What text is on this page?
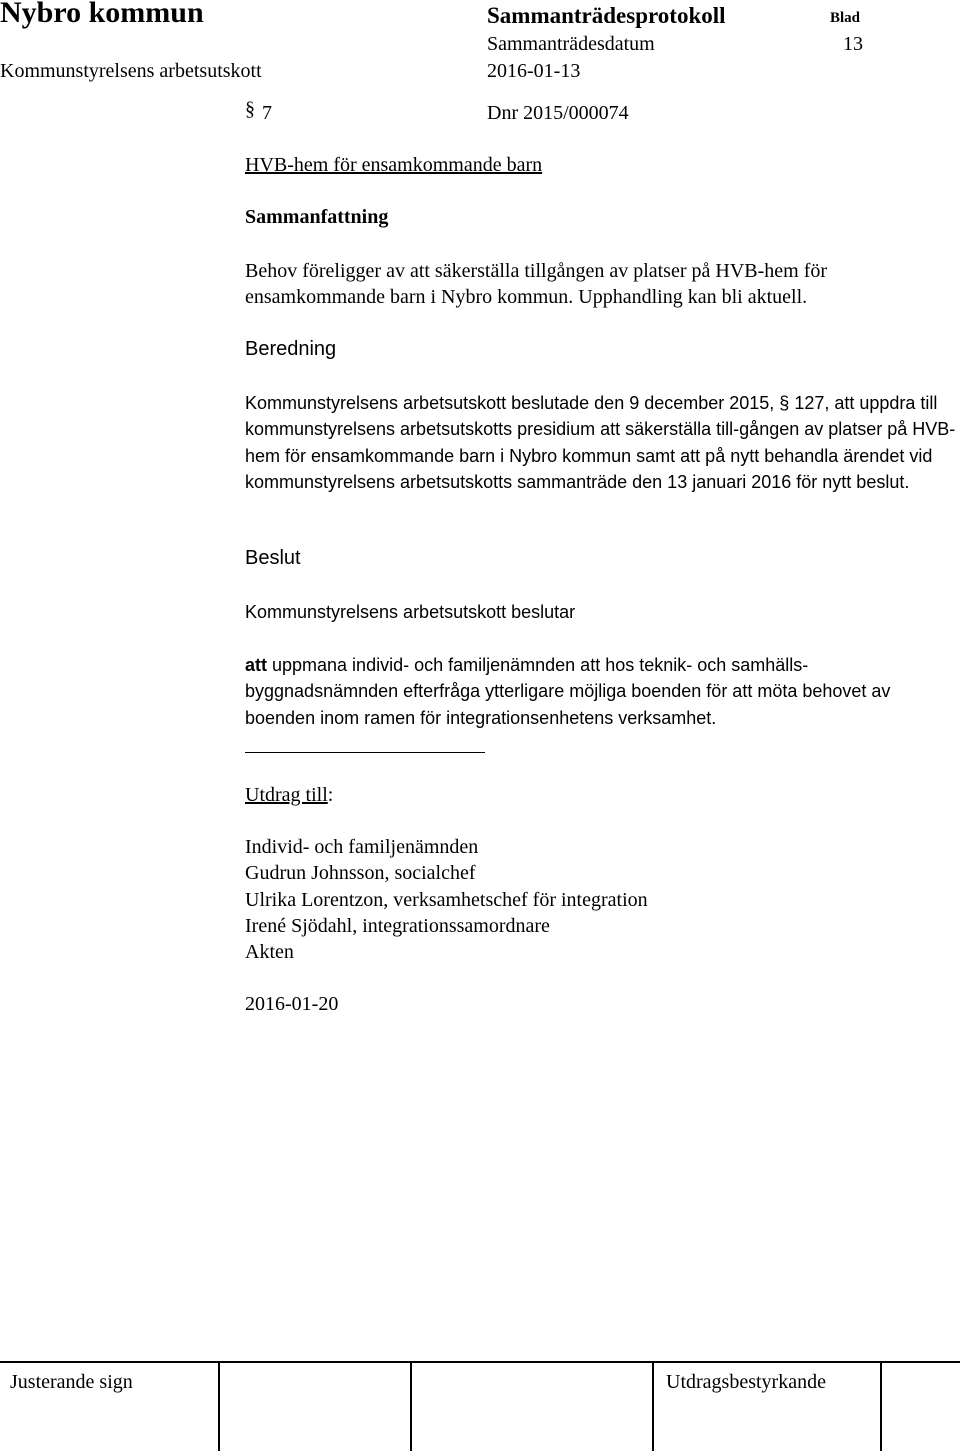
Nybro kommun	Sammanträdesprotokoll	Blad
Sammanträdesdatum	13
Kommunstyrelsens arbetsutskott	2016-01-13
§ 7	Dnr 2015/000074
HVB-hem för ensamkommande barn
Sammanfattning
Behov föreligger av att säkerställa tillgången av platser på HVB-hem för ensamkommande barn i Nybro kommun. Upphandling kan bli aktuell.
Beredning
Kommunstyrelsens arbetsutskott beslutade den 9 december 2015, § 127, att uppdra till kommunstyrelsens arbetsutskotts presidium att säkerställa till-gången av platser på HVB-hem för ensamkommande barn i Nybro kommun samt att på nytt behandla ärendet vid kommunstyrelsens arbetsutskotts sammanträde den 13 januari 2016 för nytt beslut.
Beslut
Kommunstyrelsens arbetsutskott beslutar
att uppmana individ- och familjenämnden att hos teknik- och samhälls-byggnadsnämnden efterfråga ytterligare möjliga boenden för att möta behovet av boenden inom ramen för integrationsenhetens verksamhet.
Utdrag till:
Individ- och familjenämnden
Gudrun Johnsson, socialchef
Ulrika Lorentzon, verksamhetschef för integration
Irené Sjödahl, integrationssamordnare
Akten
2016-01-20
Justerande sign	Utdragsbestyrkande
